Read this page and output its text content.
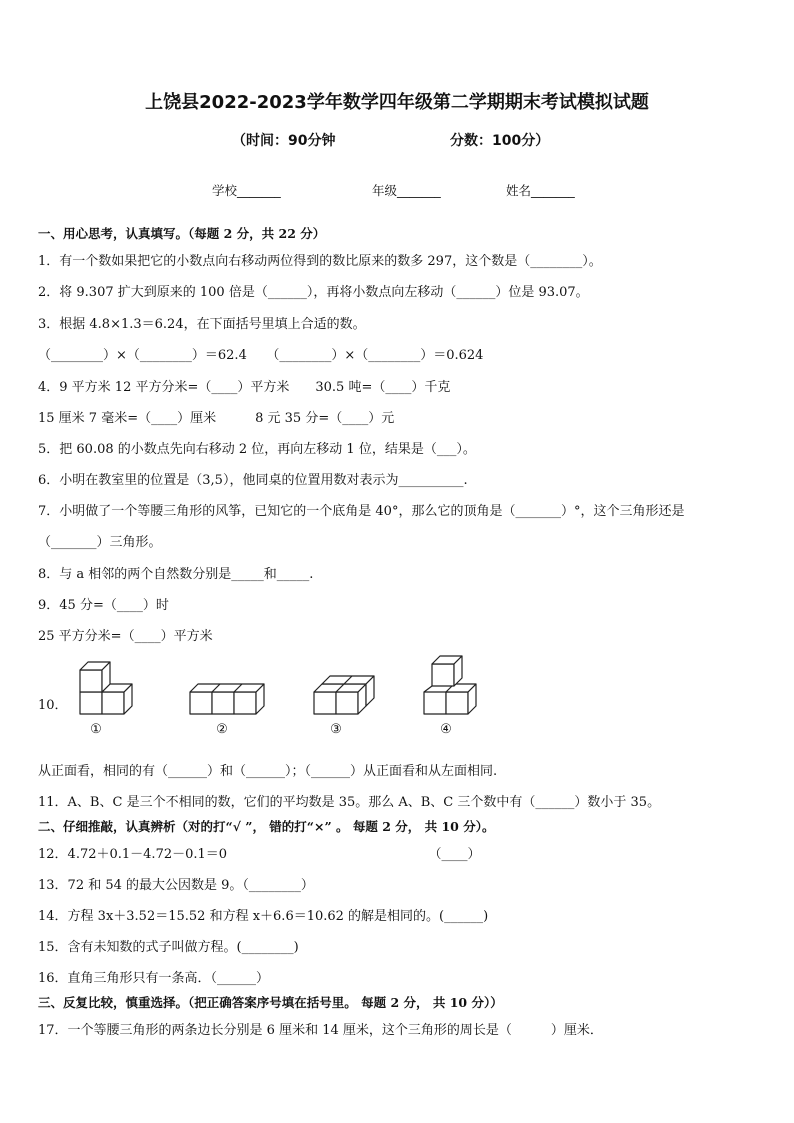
上饶县2022-2023学年数学四年级第二学期期末考试模拟试题
（时间：90分钟	分数：100分）
学校_______	年级_______	姓名_______
一、用心思考，认真填写。（每题 2 分，共 22 分）
1．有一个数如果把它的小数点向右移动两位得到的数比原来的数多 297，这个数是（________）。
2．将 9.307 扩大到原来的 100 倍是（______），再将小数点向左移动（______）位是 93.07。
3．根据 4.8×1.3＝6.24，在下面括号里填上合适的数。
（________）×（________）＝62.4　　（________）×（________）＝0.624
4．9 平方米 12 平方分米=（____）平方米　　30.5 吨=（____）千克
15 厘米 7 毫米=（____）厘米　　　8 元 35 分=（____）元
5．把 60.08 的小数点先向右移动 2 位，再向左移动 1 位，结果是（___）。
6．小明在教室里的位置是（3,5），他同桌的位置用数对表示为__________.
7．小明做了一个等腰三角形的风筝，已知它的一个底角是 40°，那么它的顶角是（_______）°，这个三角形还是
（_______）三角形。
8．与 a 相邻的两个自然数分别是_____和_____.
9．45 分=（____）时
25 平方分米=（____）平方米
10．
①	②	③	④
从正面看，相同的有（______）和（______）；（______）从正面看和从左面相同.
11．A、B、C 是三个不相同的数，它们的平均数是 35。那么 A、B、C 三个数中有（______）数小于 35。
二、仔细推敲，认真辨析（对的打“√ ”， 错的打“×” 。 每题 2 分， 共 10 分）。
12．4.72＋0.1－4.72－0.1＝0　　　　　　　　　　　　　　　　（____）
13．72 和 54 的最大公因数是 9。（________）
14．方程 3x＋3.52＝15.52 和方程 x＋6.6＝10.62 的解是相同的。(______)
15．含有未知数的式子叫做方程。(________)
16．直角三角形只有一条高．（______）
三、反复比较，慎重选择。（把正确答案序号填在括号里。 每题 2 分， 共 10 分））
17．一个等腰三角形的两条边长分别是 6 厘米和 14 厘米，这个三角形的周长是（　　　）厘米．
